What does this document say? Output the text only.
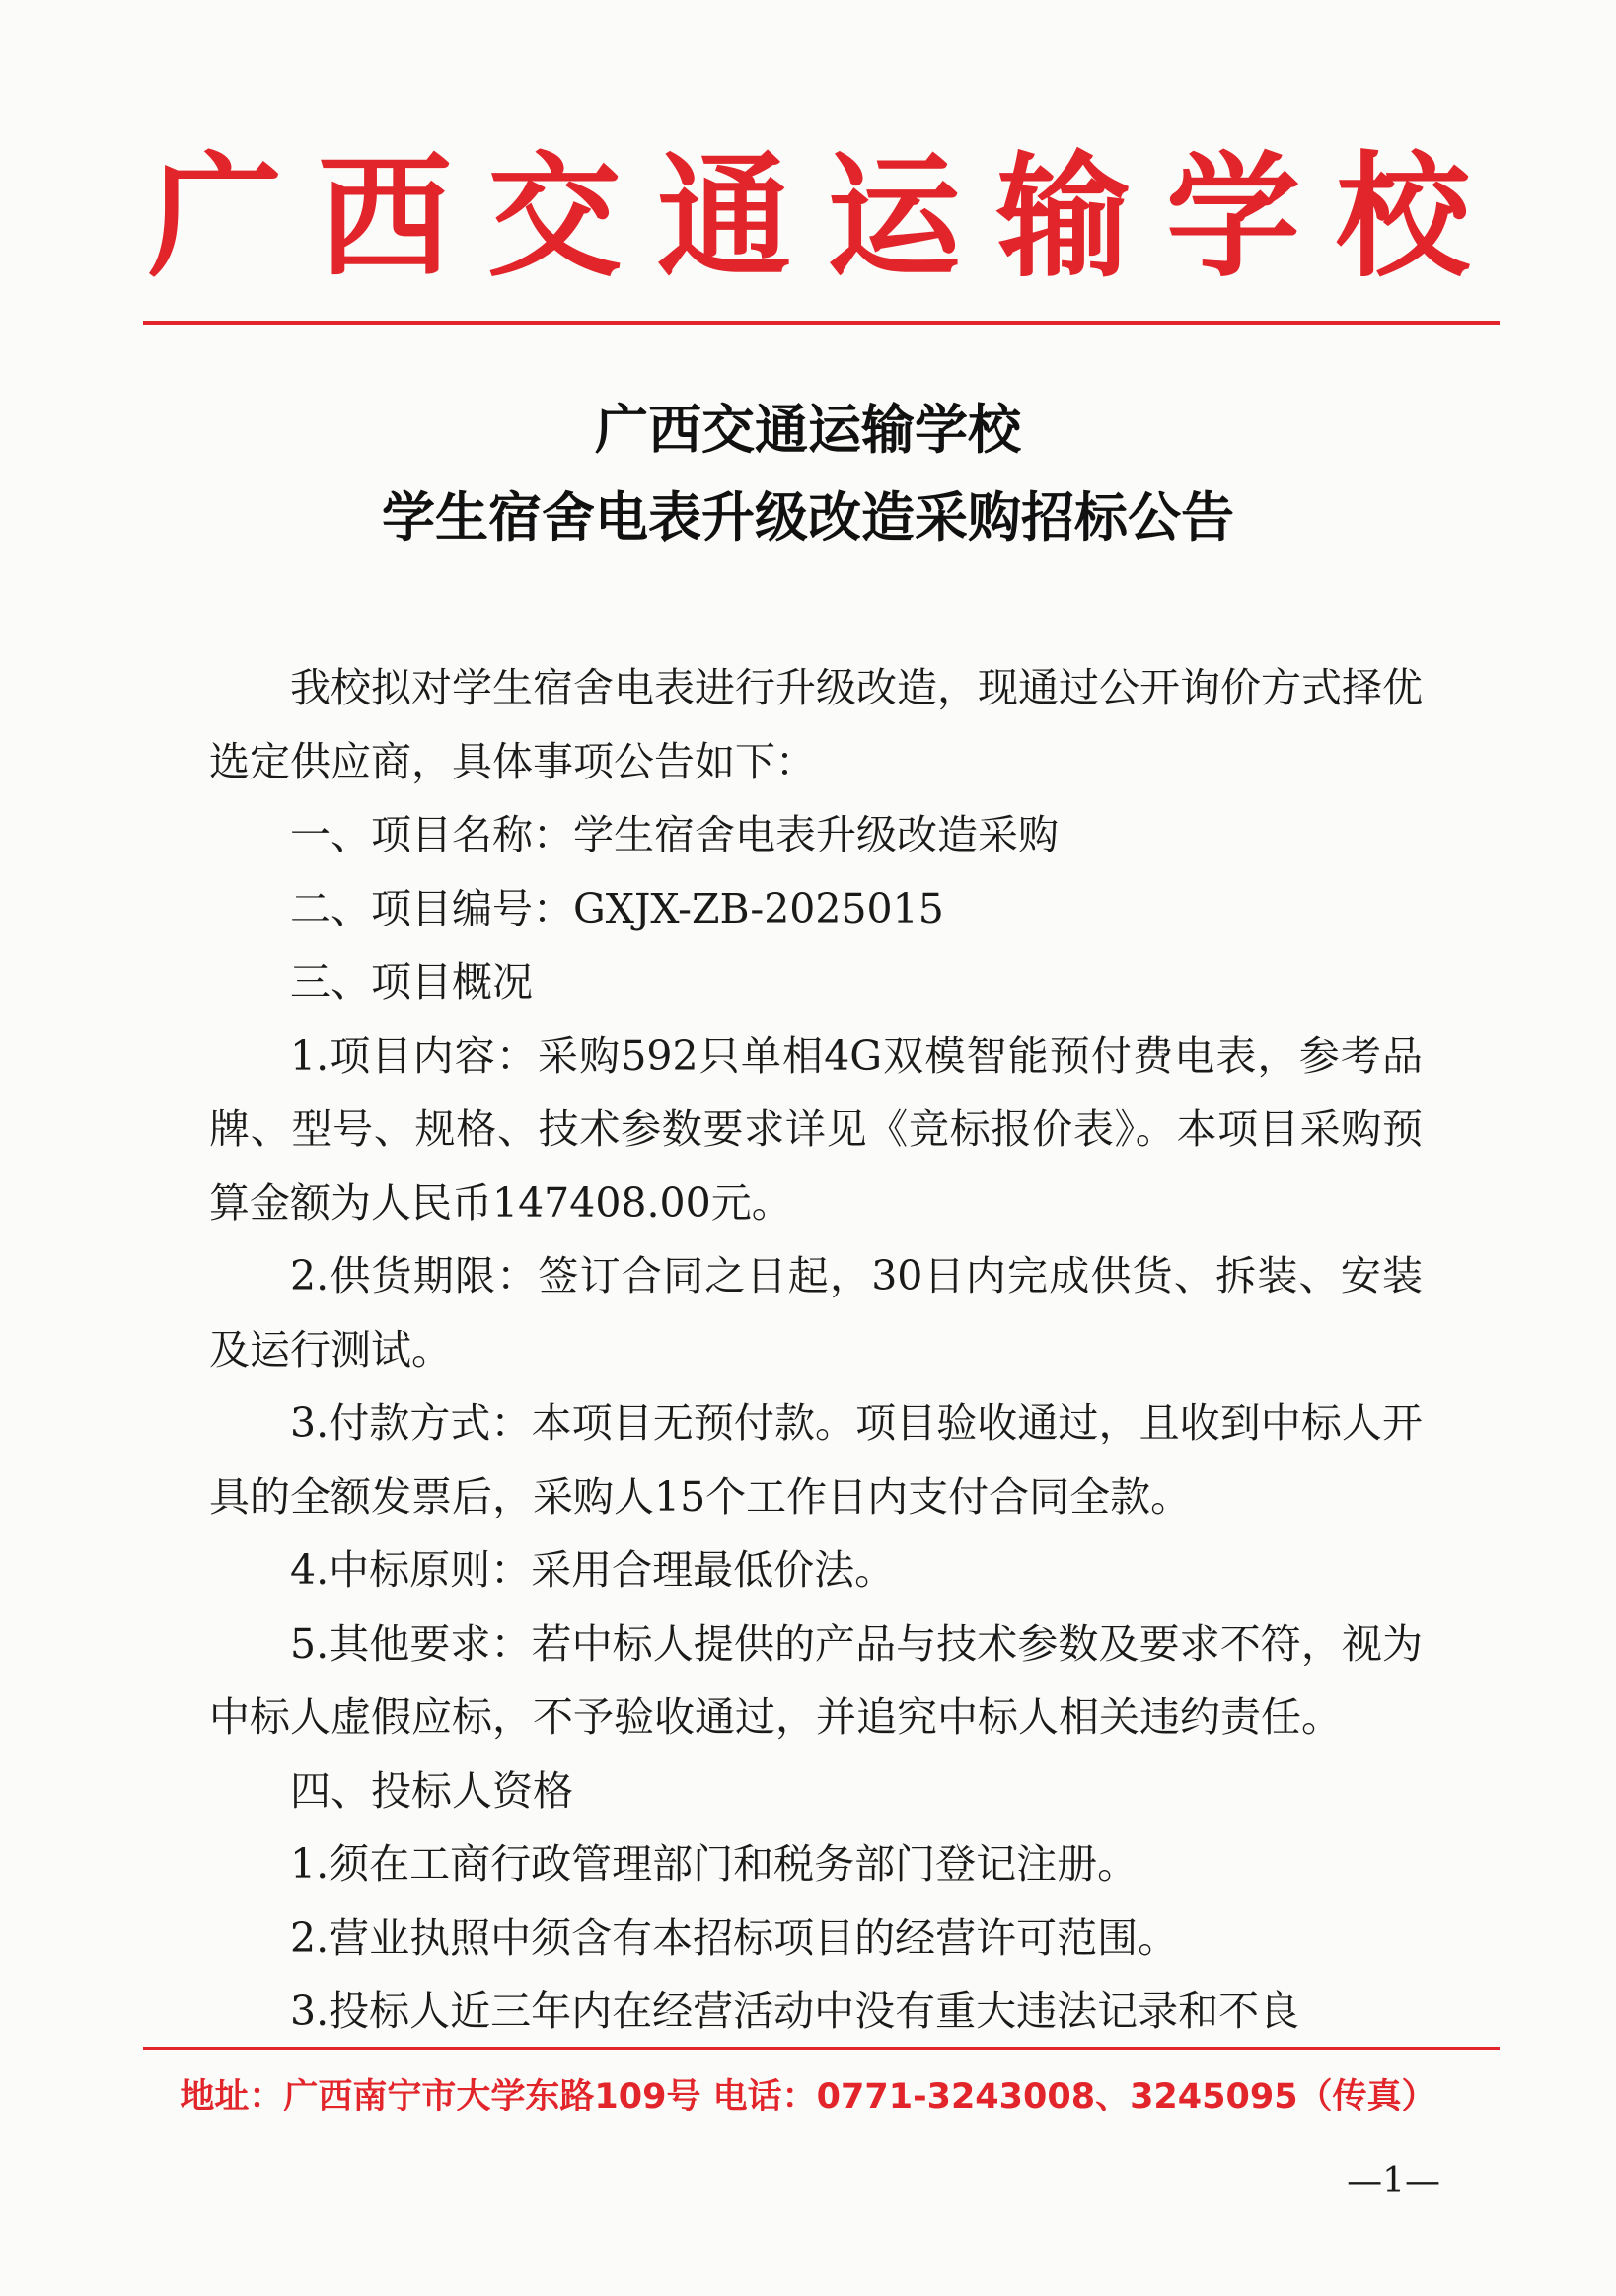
广 西 交 通 运 输 学 校
广西交通运输学校
学生宿舍电表升级改造采购招标公告

我校拟对学生宿舍电表进行升级改造，现通过公开询价方式择优选定供应商，具体事项公告如下：

一、项目名称：学生宿舍电表升级改造采购

二、项目编号：GXJX-ZB-2025015

三、项目概况

1.项目内容：采购592只单相4G双模智能预付费电表，参考品牌、型号、规格、技术参数要求详见《竞标报价表》。本项目采购预算金额为人民币147408.00元。

2.供货期限：签订合同之日起，30日内完成供货、拆装、安装及运行测试。

3.付款方式：本项目无预付款。项目验收通过，且收到中标人开具的全额发票后，采购人15个工作日内支付合同全款。

4.中标原则：采用合理最低价法。

5.其他要求：若中标人提供的产品与技术参数及要求不符，视为中标人虚假应标，不予验收通过，并追究中标人相关违约责任。

四、投标人资格

1.须在工商行政管理部门和税务部门登记注册。

2.营业执照中须含有本招标项目的经营许可范围。

3.投标人近三年内在经营活动中没有重大违法记录和不良

地址：广西南宁市大学东路109号 电话：0771-3243008、3245095（传真）
—1—
